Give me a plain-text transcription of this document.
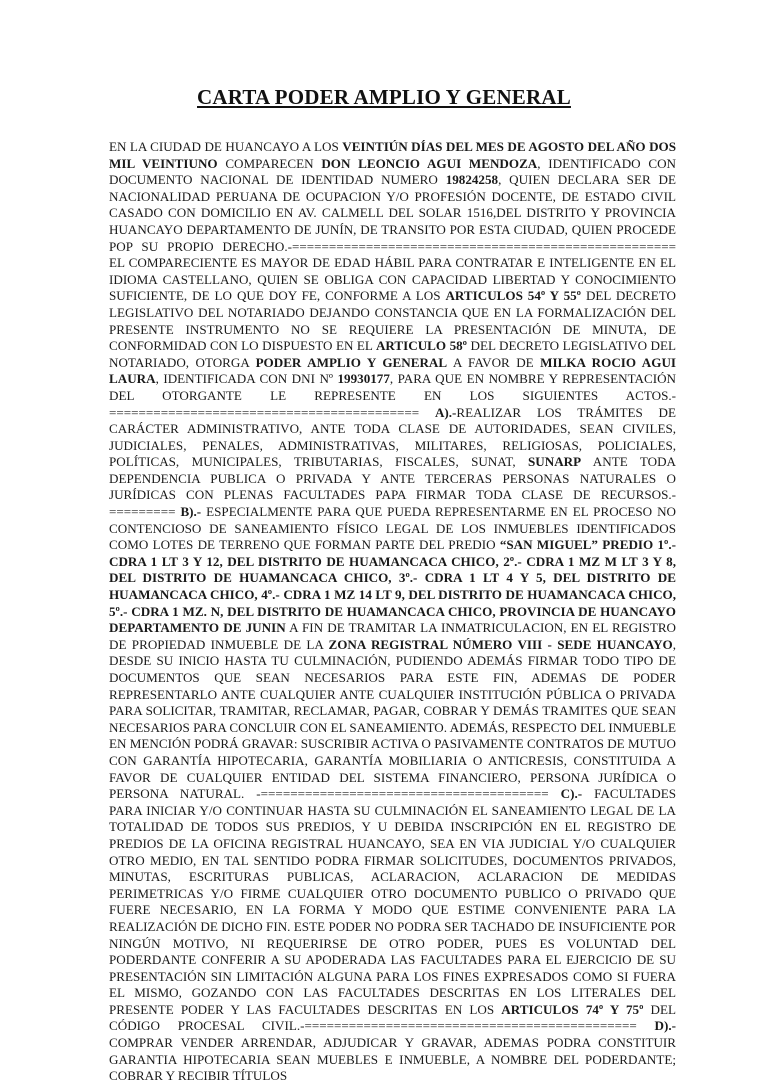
CARTA PODER AMPLIO Y GENERAL

EN LA CIUDAD DE HUANCAYO A LOS VEINTIÚN DÍAS DEL MES DE AGOSTO DEL AÑO DOS MIL VEINTIUNO COMPARECEN DON LEONCIO AGUI MENDOZA, IDENTIFICADO CON DOCUMENTO NACIONAL DE IDENTIDAD NUMERO 19824258, QUIEN DECLARA SER DE NACIONALIDAD PERUANA DE OCUPACION Y/O PROFESIÓN DOCENTE, DE ESTADO CIVIL CASADO CON DOMICILIO EN AV. CALMELL DEL SOLAR 1516,DEL DISTRITO Y PROVINCIA HUANCAYO DEPARTAMENTO DE JUNÍN, DE TRANSITO POR ESTA CIUDAD, QUIEN PROCEDE POP SU PROPIO DERECHO.-==================================================== EL COMPARECIENTE ES MAYOR DE EDAD HÁBIL PARA CONTRATAR E INTELIGENTE EN EL IDIOMA CASTELLANO, QUIEN SE OBLIGA CON CAPACIDAD LIBERTAD Y CONOCIMIENTO SUFICIENTE, DE LO QUE DOY FE, CONFORME A LOS ARTICULOS 54º Y 55º DEL DECRETO LEGISLATIVO DEL NOTARIADO DEJANDO CONSTANCIA QUE EN LA FORMALIZACIÓN DEL PRESENTE INSTRUMENTO NO SE REQUIERE LA PRESENTACIÓN DE MINUTA, DE CONFORMIDAD CON LO DISPUESTO EN EL ARTICULO 58º DEL DECRETO LEGISLATIVO DEL NOTARIADO, OTORGA PODER AMPLIO Y GENERAL A FAVOR DE MILKA ROCIO AGUI LAURA, IDENTIFICADA CON DNI Nº 19930177, PARA QUE EN NOMBRE Y REPRESENTACIÓN DEL OTORGANTE LE REPRESENTE EN LOS SIGUIENTES ACTOS.-========================================== A).-REALIZAR LOS TRÁMITES DE CARÁCTER ADMINISTRATIVO, ANTE TODA CLASE DE AUTORIDADES, SEAN CIVILES, JUDICIALES, PENALES, ADMINISTRATIVAS, MILITARES, RELIGIOSAS, POLICIALES, POLÍTICAS, MUNICIPALES, TRIBUTARIAS, FISCALES, SUNAT, SUNARP ANTE TODA DEPENDENCIA PUBLICA O PRIVADA Y ANTE TERCERAS PERSONAS NATURALES O JURÍDICAS CON PLENAS FACULTADES PAPA FIRMAR TODA CLASE DE RECURSOS.-========= B).- ESPECIALMENTE PARA QUE PUEDA REPRESENTARME EN EL PROCESO NO CONTENCIOSO DE SANEAMIENTO FÍSICO LEGAL DE LOS INMUEBLES IDENTIFICADOS COMO LOTES DE TERRENO QUE FORMAN PARTE DEL PREDIO “SAN MIGUEL” PREDIO 1º.- CDRA 1 LT 3 Y 12, DEL DISTRITO DE HUAMANCACA CHICO, 2º.- CDRA 1 MZ M LT 3 Y 8, DEL DISTRITO DE HUAMANCACA CHICO, 3º.- CDRA 1 LT 4 Y 5, DEL DISTRITO DE HUAMANCACA CHICO, 4º.- CDRA 1 MZ 14 LT 9, DEL DISTRITO DE HUAMANCACA CHICO, 5º.- CDRA 1 MZ. N, DEL DISTRITO DE HUAMANCACA CHICO, PROVINCIA DE HUANCAYO DEPARTAMENTO DE JUNIN A FIN DE TRAMITAR LA INMATRICULACION, EN EL REGISTRO DE PROPIEDAD INMUEBLE DE LA ZONA REGISTRAL NÚMERO VIII - SEDE HUANCAYO, DESDE SU INICIO HASTA TU CULMINACIÓN, PUDIENDO ADEMÁS FIRMAR TODO TIPO DE DOCUMENTOS QUE SEAN NECESARIOS PARA ESTE FIN, ADEMAS DE PODER REPRESENTARLO ANTE CUALQUIER ANTE CUALQUIER INSTITUCIÓN PÚBLICA O PRIVADA PARA SOLICITAR, TRAMITAR, RECLAMAR, PAGAR, COBRAR Y DEMÁS TRAMITES QUE SEAN NECESARIOS PARA CONCLUIR CON EL SANEAMIENTO. ADEMÁS, RESPECTO DEL INMUEBLE EN MENCIÓN PODRÁ GRAVAR: SUSCRIBIR ACTIVA O PASIVAMENTE CONTRATOS DE MUTUO CON GARANTÍA HIPOTECARIA, GARANTÍA MOBILIARIA O ANTICRESIS, CONSTITUIDA A FAVOR DE CUALQUIER ENTIDAD DEL SISTEMA FINANCIERO, PERSONA JURÍDICA O PERSONA NATURAL. -======================================= C).- FACULTADES PARA INICIAR Y/O CONTINUAR HASTA SU CULMINACIÓN EL SANEAMIENTO LEGAL DE LA TOTALIDAD DE TODOS SUS PREDIOS, Y U DEBIDA INSCRIPCIÓN EN EL REGISTRO DE PREDIOS DE LA OFICINA REGISTRAL HUANCAYO, SEA EN VIA JUDICIAL Y/O CUALQUIER OTRO MEDIO, EN TAL SENTIDO PODRA FIRMAR SOLICITUDES, DOCUMENTOS PRIVADOS, MINUTAS, ESCRITURAS PUBLICAS, ACLARACION, ACLARACION DE MEDIDAS PERIMETRICAS Y/O FIRME CUALQUIER OTRO DOCUMENTO PUBLICO O PRIVADO QUE FUERE NECESARIO, EN LA FORMA Y MODO QUE ESTIME CONVENIENTE PARA LA REALIZACIÓN DE DICHO FIN. ESTE PODER NO PODRA SER TACHADO DE INSUFICIENTE POR NINGÚN MOTIVO, NI REQUERIRSE DE OTRO PODER, PUES ES VOLUNTAD DEL PODERDANTE CONFERIR A SU APODERADA LAS FACULTADES PARA EL EJERCICIO DE SU PRESENTACIÓN SIN LIMITACIÓN ALGUNA PARA LOS FINES EXPRESADOS COMO SI FUERA EL MISMO, GOZANDO CON LAS FACULTADES DESCRITAS EN LOS LITERALES DEL PRESENTE PODER Y LAS FACULTADES DESCRITAS EN LOS ARTICULOS 74º Y 75º DEL CÓDIGO PROCESAL CIVIL.-============================================= D).- COMPRAR VENDER ARRENDAR, ADJUDICAR Y GRAVAR, ADEMAS PODRA CONSTITUIR GARANTIA HIPOTECARIA SEAN MUEBLES E INMUEBLE, A NOMBRE DEL PODERDANTE; COBRAR Y RECIBIR TÍTULOS
